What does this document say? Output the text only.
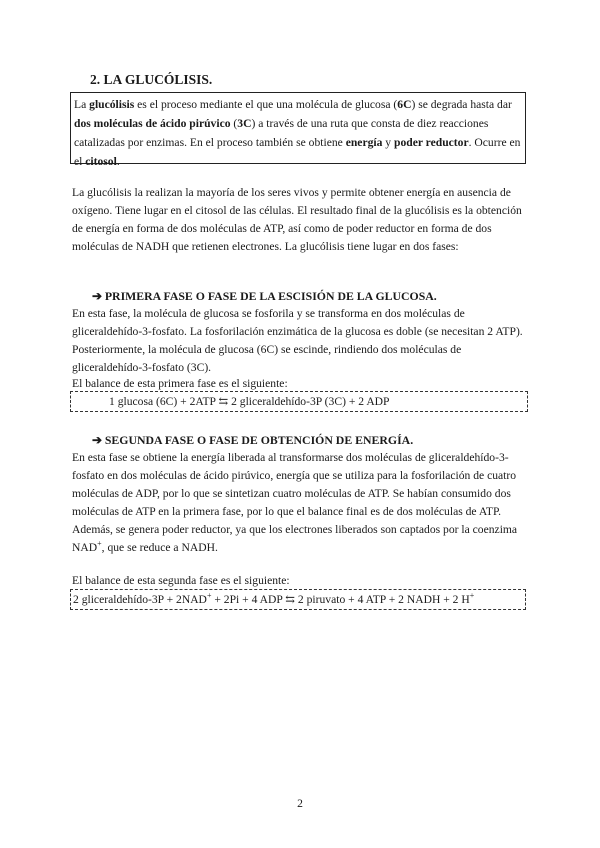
2. LA GLUCÓLISIS.
La glucólisis es el proceso mediante el que una molécula de glucosa (6C) se degrada hasta dar dos moléculas de ácido pirúvico (3C) a través de una ruta que consta de diez reacciones catalizadas por enzimas. En el proceso también se obtiene energía y poder reductor. Ocurre en el citosol.
La glucólisis la realizan la mayoría de los seres vivos y permite obtener energía en ausencia de oxígeno. Tiene lugar en el citosol de las células. El resultado final de la glucólisis es la obtención de energía en forma de dos moléculas de ATP, así como de poder reductor en forma de dos moléculas de NADH que retienen electrones. La glucólisis tiene lugar en dos fases:
➔ PRIMERA FASE O FASE DE LA ESCISIÓN DE LA GLUCOSA.
En esta fase, la molécula de glucosa se fosforila y se transforma en dos moléculas de gliceraldehído-3-fosfato. La fosforilación enzimática de la glucosa es doble (se necesitan 2 ATP). Posteriormente, la molécula de glucosa (6C) se escinde, rindiendo dos moléculas de gliceraldehído-3-fosfato (3C).
El balance de esta primera fase es el siguiente:
1 glucosa (6C) + 2ATP ⇆ 2 gliceraldehído-3P (3C) + 2 ADP
➔ SEGUNDA FASE O FASE DE OBTENCIÓN DE ENERGÍA.
En esta fase se obtiene la energía liberada al transformarse dos moléculas de gliceraldehído-3-fosfato en dos moléculas de ácido pirúvico, energía que se utiliza para la fosforilación de cuatro moléculas de ADP, por lo que se sintetizan cuatro moléculas de ATP. Se habían consumido dos moléculas de ATP en la primera fase, por lo que el balance final es de dos moléculas de ATP. Además, se genera poder reductor, ya que los electrones liberados son captados por la coenzima NAD+, que se reduce a NADH.
El balance de esta segunda fase es el siguiente:
2 gliceraldehído-3P + 2NAD+ + 2Pi + 4 ADP ⇆ 2 piruvato + 4 ATP + 2 NADH + 2 H+
2
